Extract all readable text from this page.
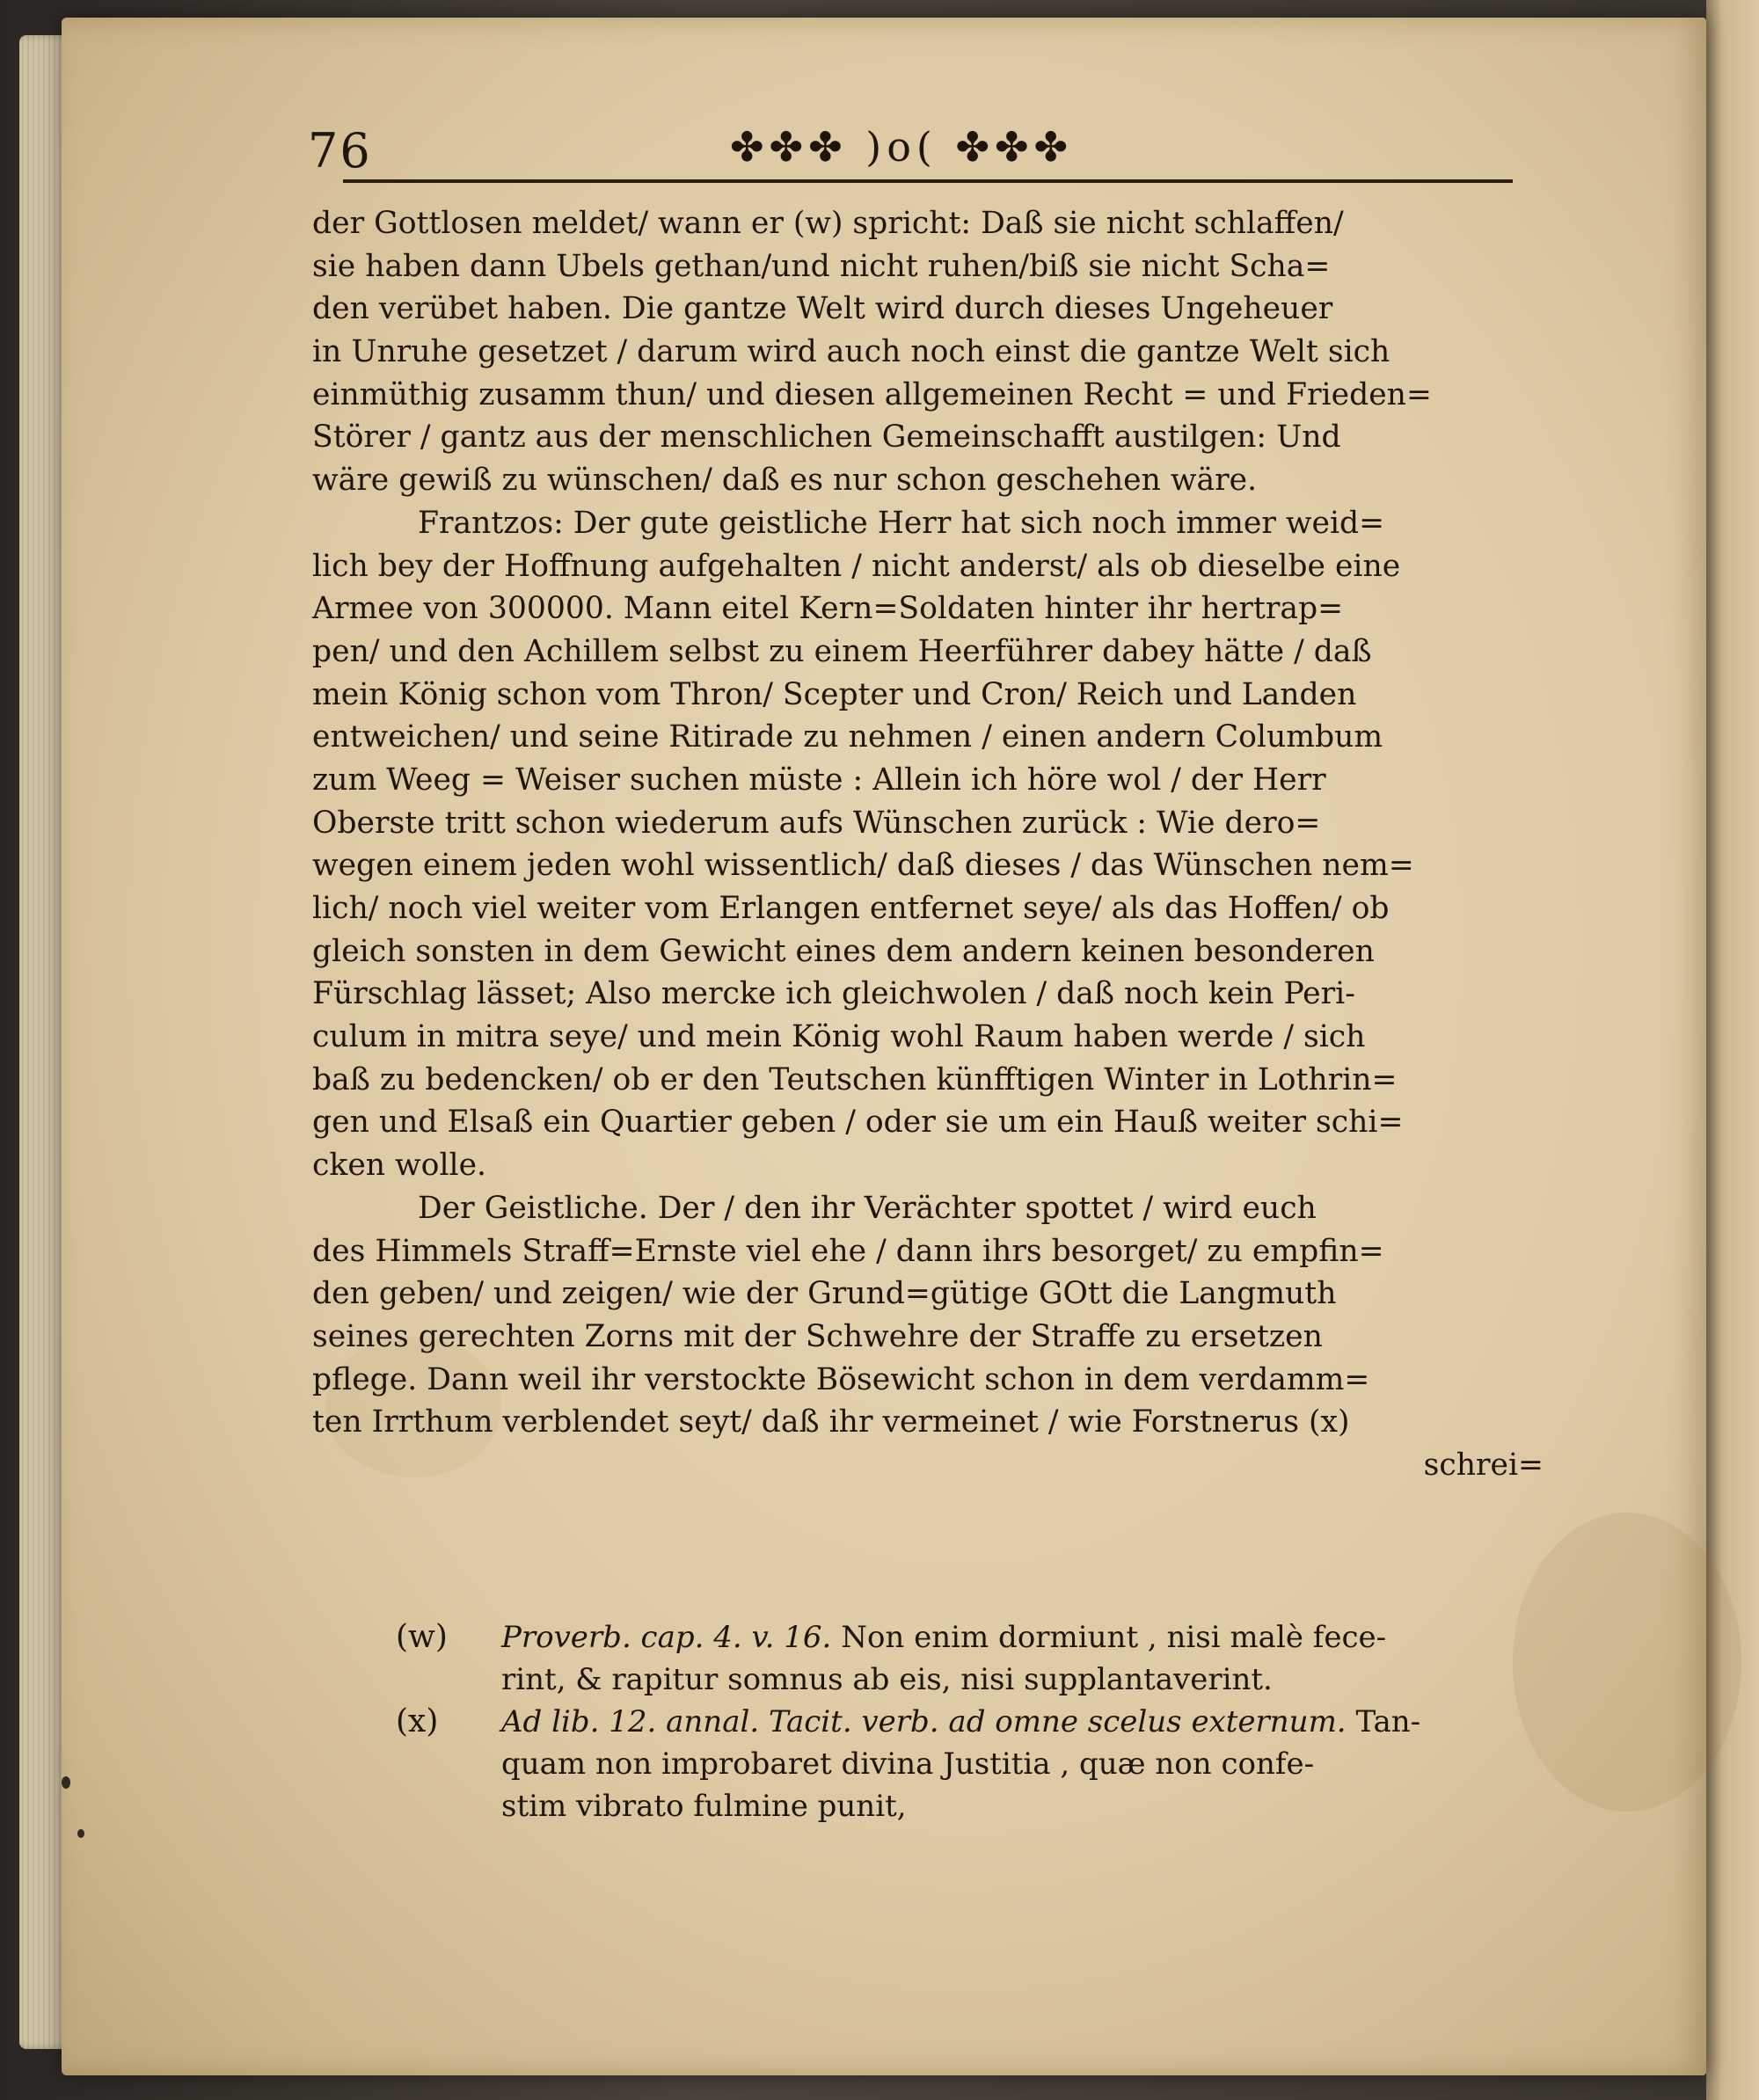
76	✤✤✤ )o( ✤✤✤
der Gottlosen meldet/ wann er (w) spricht: Daß sie nicht schlaffen/
sie haben dann Ubels gethan/und nicht ruhen/biß sie nicht Scha=
den verübet haben. Die gantze Welt wird durch dieses Ungeheuer
in Unruhe gesetzet / darum wird auch noch einst die gantze Welt sich
einmüthig zusamm thun/ und diesen allgemeinen Recht = und Frieden=
Störer / gantz aus der menschlichen Gemeinschafft austilgen: Und
wäre gewiß zu wünschen/ daß es nur schon geschehen wäre.
Frantzos: Der gute geistliche Herr hat sich noch immer weid=
lich bey der Hoffnung aufgehalten / nicht anderst/ als ob dieselbe eine
Armee von 300000. Mann eitel Kern=Soldaten hinter ihr hertrap=
pen/ und den Achillem selbst zu einem Heerführer dabey hätte / daß
mein König schon vom Thron/ Scepter und Cron/ Reich und Landen
entweichen/ und seine Ritirade zu nehmen / einen andern Columbum
zum Weeg = Weiser suchen müste : Allein ich höre wol / der Herr
Oberste tritt schon wiederum aufs Wünschen zurück : Wie dero=
wegen einem jeden wohl wissentlich/ daß dieses / das Wünschen nem=
lich/ noch viel weiter vom Erlangen entfernet seye/ als das Hoffen/ ob
gleich sonsten in dem Gewicht eines dem andern keinen besonderen
Fürschlag lässet; Also mercke ich gleichwolen / daß noch kein Peri-
culum in mitra seye/ und mein König wohl Raum haben werde / sich
baß zu bedencken/ ob er den Teutschen künfftigen Winter in Lothrin=
gen und Elsaß ein Quartier geben / oder sie um ein Hauß weiter schi=
cken wolle.
Der Geistliche. Der / den ihr Verächter spottet / wird euch
des Himmels Straff=Ernste viel ehe / dann ihrs besorget/ zu empfin=
den geben/ und zeigen/ wie der Grund=gütige GOtt die Langmuth
seines gerechten Zorns mit der Schwehre der Straffe zu ersetzen
pflege. Dann weil ihr verstockte Bösewicht schon in dem verdamm=
ten Irrthum verblendet seyt/ daß ihr vermeinet / wie Forstnerus (x)
schrei=
(w)	Proverb. cap. 4. v. 16. Non enim dormiunt , nisi malè fece-
rint, & rapitur somnus ab eis, nisi supplantaverint.
(x)	Ad lib. 12. annal. Tacit. verb. ad omne scelus externum. Tan-
quam non improbaret divina Justitia , quæ non confe-
stim vibrato fulmine punit,
